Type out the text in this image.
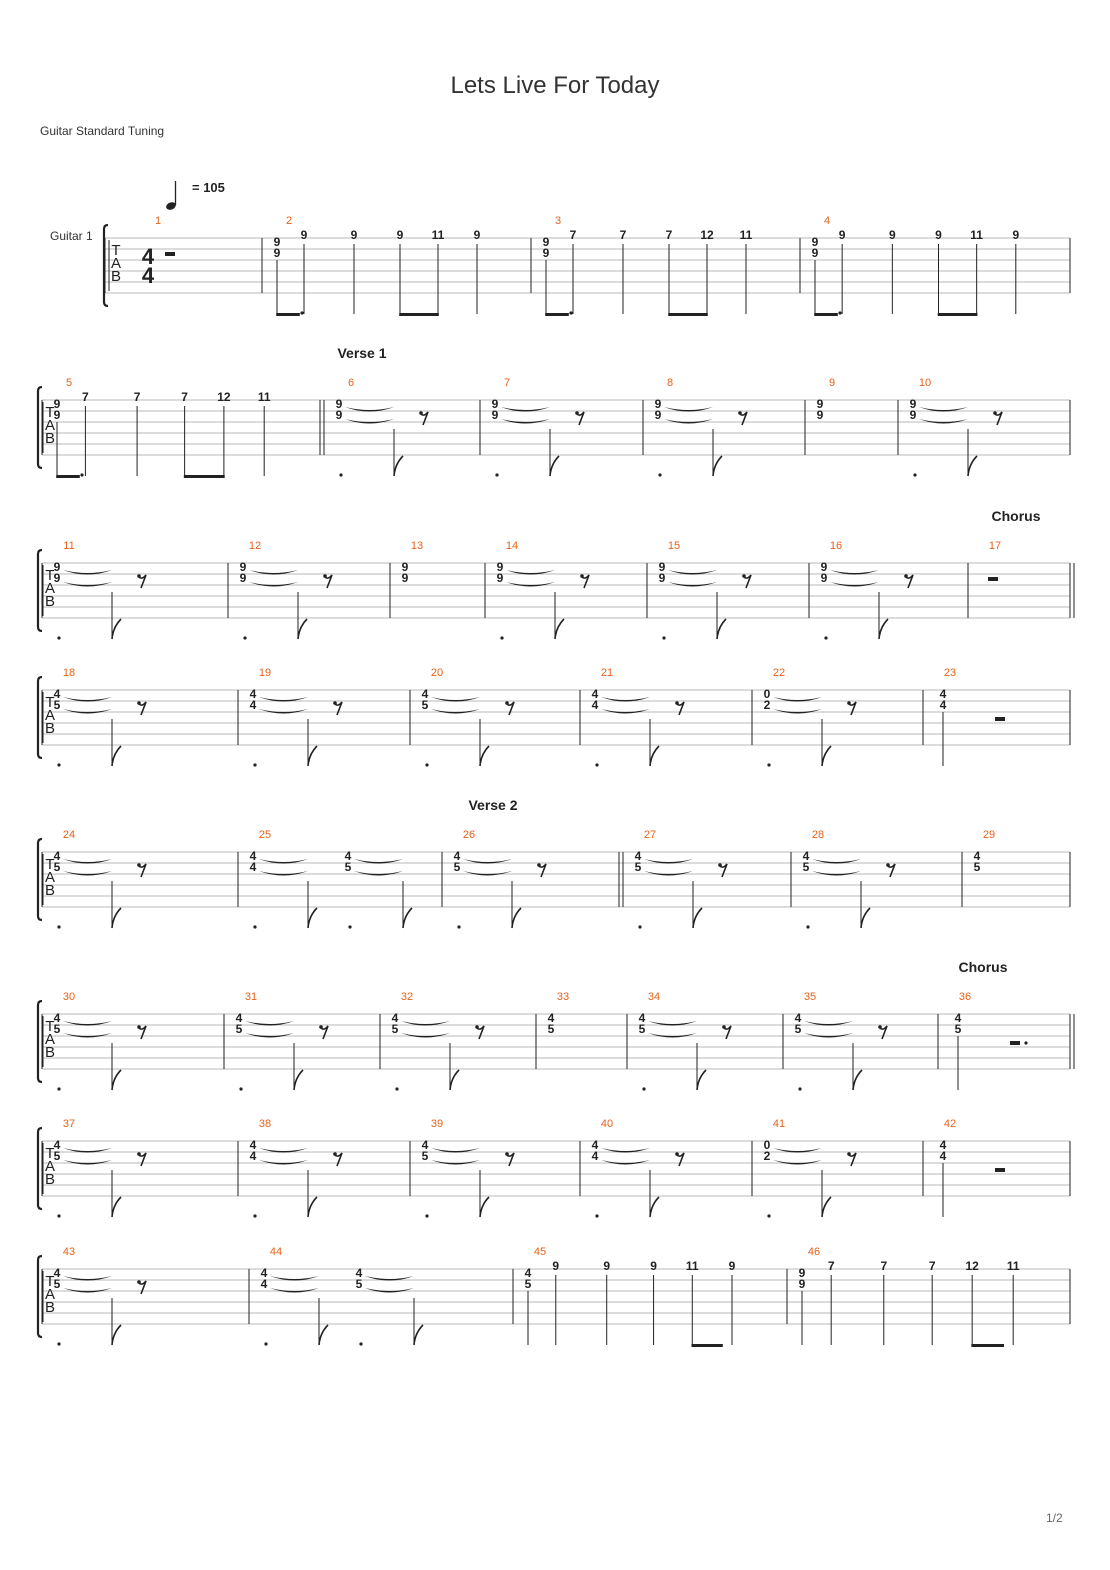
Lets Live For Today
Guitar Standard Tuning
= 105
Guitar 1
T
A
B
4
4
1	2
9
9
9	9	9 11 9
3
9
9
7	7	7 12 11
4
9
9
9	9	9 11 9
T
A
B
5
9
9
7	7	7 12 11
6
9
9
7
9
9
8
9
9
9
9
9
10
9
9
T
A
B
11
9
9
12
9
9
13
9
9
14
9
9
15
9
9
16
9
9
17
T
A
B
18
4
5
19
4
4
20
4
5
21
4
4
22
0
2
23
4
4
T
A
B
24
4
5
25
4
4
4
5
26
4
5
27
4
5
28
4
5
29
4
5
T
A
B
30
4
5
31
4
5
32
4
5
33
4
5
34
4
5
35
4
5
36
4
5
T
A
B
37
4
5
38
4
4
39
4
5
40
4
4
41
0
2
42
4
4
T
A
B
43
4
5
44
4
4
4
5
45
4
5
9	9	9 11	9
46
9
9
7	7	7 12 11
Verse 1
Chorus
Verse 2
Chorus
1/2
